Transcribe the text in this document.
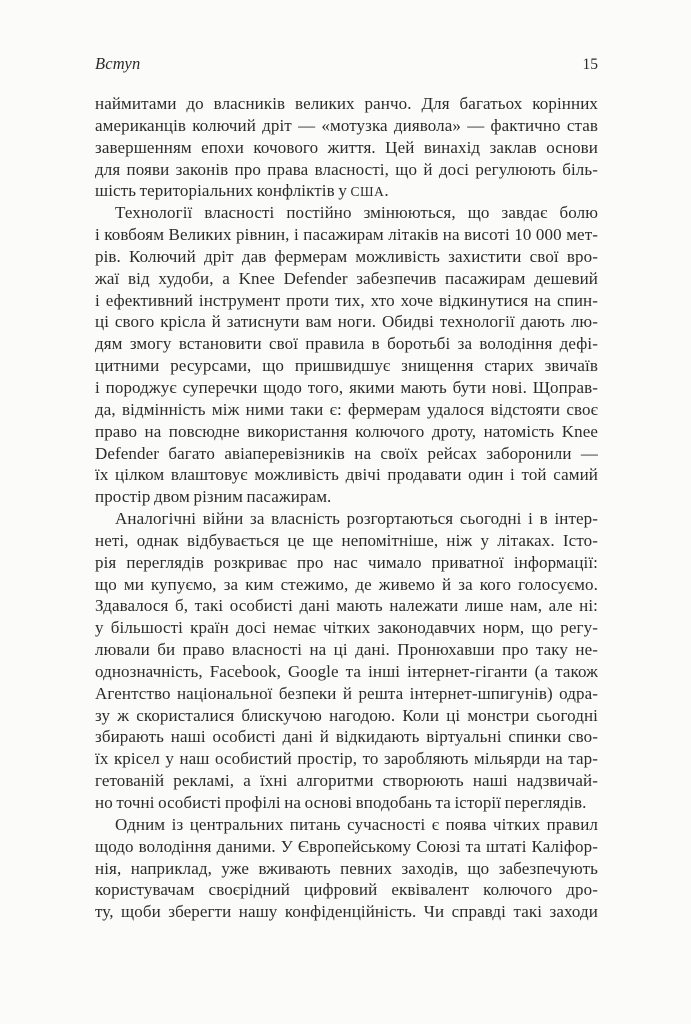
Вступ	15
наймитами до власників великих ранчо. Для багатьох корінних
американців колючий дріт — «мотузка диявола» — фактично став
завершенням епохи кочового життя. Цей винахід заклав основи
для появи законів про права власності, що й досі регулюють біль-
шість територіальних конфліктів у США.
Технології власності постійно змінюються, що завдає болю
і ковбоям Великих рівнин, і пасажирам літаків на висоті 10 000 мет-
рів. Колючий дріт дав фермерам можливість захистити свої вро-
жаї від худоби, а Knee Defender забезпечив пасажирам дешевий
і ефективний інструмент проти тих, хто хоче відкинутися на спин-
ці свого крісла й затиснути вам ноги. Обидві технології дають лю-
дям змогу встановити свої правила в боротьбі за володіння дефі-
цитними ресурсами, що пришвидшує знищення старих звичаїв
і породжує суперечки щодо того, якими мають бути нові. Щоправ-
да, відмінність між ними таки є: фермерам удалося відстояти своє
право на повсюдне використання колючого дроту, натомість Knee
Defender багато авіаперевізників на своїх рейсах заборонили —
їх цілком влаштовує можливість двічі продавати один і той самий
простір двом різним пасажирам.
Аналогічні війни за власність розгортаються сьогодні і в інтер-
неті, однак відбувається це ще непомітніше, ніж у літаках. Істо-
рія переглядів розкриває про нас чимало приватної інформації:
що ми купуємо, за ким стежимо, де живемо й за кого голосуємо.
Здавалося б, такі особисті дані мають належати лише нам, але ні:
у більшості країн досі немає чітких законодавчих норм, що регу-
лювали би право власності на ці дані. Пронюхавши про таку не-
однозначність, Facebook, Google та інші інтернет-гіганти (а також
Агентство національної безпеки й решта інтернет-шпигунів) одра-
зу ж скористалися блискучою нагодою. Коли ці монстри сьогодні
збирають наші особисті дані й відкидають віртуальні спинки сво-
їх крісел у наш особистий простір, то заробляють мільярди на тар-
гетованій рекламі, а їхні алгоритми створюють наші надзвичай-
но точні особисті профілі на основі вподобань та історії переглядів.
Одним із центральних питань сучасності є поява чітких правил
щодо володіння даними. У Європейському Союзі та штаті Каліфор-
нія, наприклад, уже вживають певних заходів, що забезпечують
користувачам своєрідний цифровий еквівалент колючого дро-
ту, щоби зберегти нашу конфіденційність. Чи справді такі заходи
